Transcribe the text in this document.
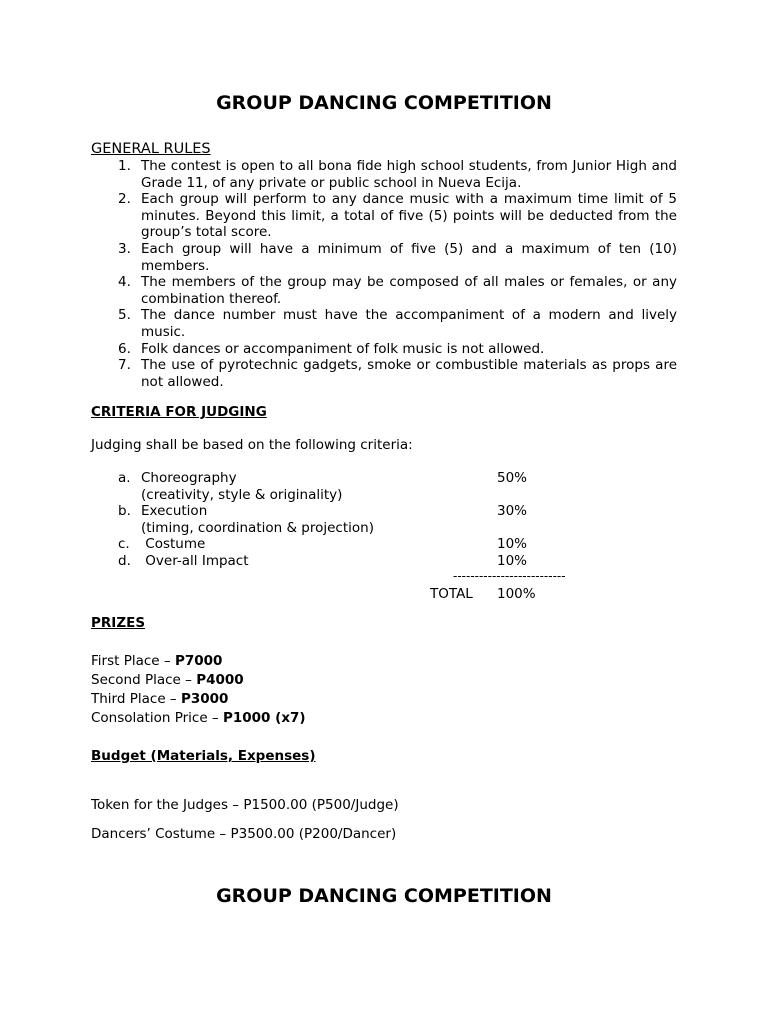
GROUP DANCING COMPETITION
GENERAL RULES
1. The contest is open to all bona fide high school students, from Junior High and Grade 11, of any private or public school in Nueva Ecija.
2. Each group will perform to any dance music with a maximum time limit of 5 minutes. Beyond this limit, a total of five (5) points will be deducted from the group’s total score.
3. Each group will have a minimum of five (5) and a maximum of ten (10) members.
4. The members of the group may be composed of all males or females, or any combination thereof.
5. The dance number must have the accompaniment of a modern and lively music.
6. Folk dances or accompaniment of folk music is not allowed.
7. The use of pyrotechnic gadgets, smoke or combustible materials as props are not allowed.
CRITERIA FOR JUDGING
Judging shall be based on the following criteria:
a. Choreography	50%
(creativity, style & originality)
b. Execution	30%
(timing, coordination & projection)
c. Costume	10%
d. Over-all Impact	10%
--------------------------
TOTAL 100%
PRIZES
First Place – P7000
Second Place – P4000
Third Place – P3000
Consolation Price – P1000 (x7)
Budget (Materials, Expenses)
Token for the Judges – P1500.00 (P500/Judge)
Dancers’ Costume – P3500.00 (P200/Dancer)
GROUP DANCING COMPETITION
